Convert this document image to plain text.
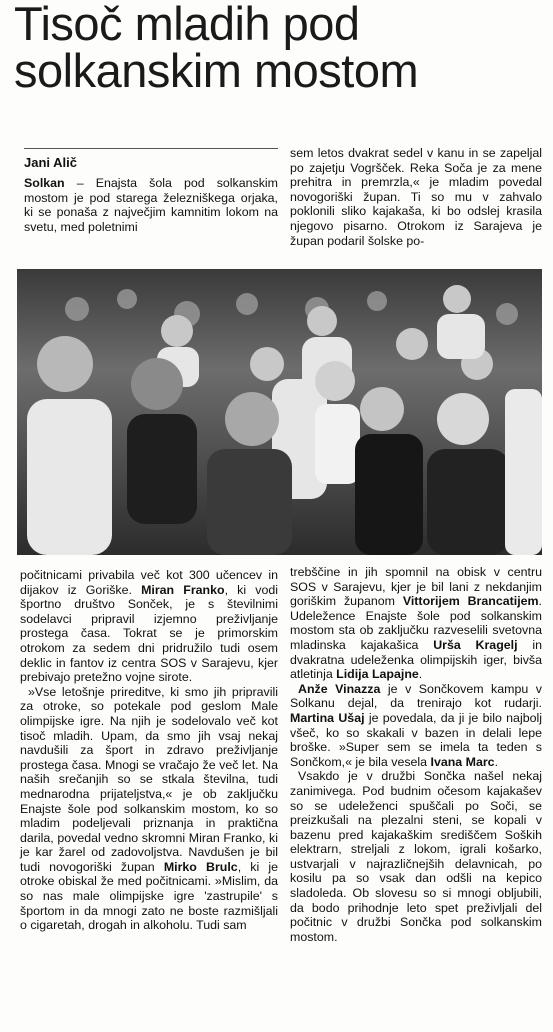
Tisoč mladih pod
solkanskim mostom
Jani Alič

Solkan – Enajsta šola pod solkanskim mostom je pod starega železniškega orjaka, ki se ponaša z največjim kamnitim lokom na svetu, med poletnimi

sem letos dvakrat sedel v kanu in se zapeljal po zajetju Vogršček. Reka Soča je za mene prehitra in premrzla,« je mladim povedal novogoriški župan. Ti so mu v zahvalo poklonili sliko kajakaša, ki bo odslej krasila njegovo pisarno. Otrokom iz Sarajeva je župan podaril šolske po-

počitnicami privabila več kot 300 učencev in dijakov iz Goriške. Miran Franko, ki vodi športno društvo Sonček, je s številnimi sodelavci pripravil izjemno preživljanje prostega časa. Tokrat se je primorskim otrokom za sedem dni pridružilo tudi osem deklic in fantov iz centra SOS v Sarajevu, kjer prebivajo pretežno vojne sirote.

»Vse letošnje prireditve, ki smo jih pripravili za otroke, so potekale pod geslom Male olimpijske igre. Na njih je sodelovalo več kot tisoč mladih. Upam, da smo jih vsaj nekaj navdušili za šport in zdravo preživljanje prostega časa. Mnogi se vračajo že več let. Na naših srečanjih so se stkala številna, tudi mednarodna prijateljstva,« je ob zaključku Enajste šole pod solkanskim mostom, ko so mladim podeljevali priznanja in praktična darila, povedal vedno skromni Miran Franko, ki je kar žarel od zadovoljstva. Navdušen je bil tudi novogoriški župan Mirko Brulc, ki je otroke obiskal že med počitnicami. »Mislim, da so nas male olimpijske igre 'zastrupile' s športom in da mnogi zato ne boste razmišljali o cigaretah, drogah in alkoholu. Tudi sam

trebščine in jih spomnil na obisk v centru SOS v Sarajevu, kjer je bil lani z nekdanjim goriškim županom Vittorijem Brancatijem. Udeležence Enajste šole pod solkanskim mostom sta ob zaključku razveselili svetovna mladinska kajakašica Urša Kragelj in dvakratna udeleženka olimpijskih iger, bivša atletinja Lidija Lapajne.

Anže Vinazza je v Sončkovem kampu v Solkanu dejal, da trenirajo kot rudarji. Martina Ušaj je povedala, da ji je bilo najbolj všeč, ko so skakali v bazen in delali lepe broške. »Super sem se imela ta teden s Sončkom,« je bila vesela Ivana Marc.

Vsakdo je v družbi Sončka našel nekaj zanimivega. Pod budnim očesom kajakašev so se udeleženci spuščali po Soči, se preizkušali na plezalni steni, se kopali v bazenu pred kajakaškim središčem Soških elektrarn, streljali z lokom, igrali košarko, ustvarjali v najrazličnejših delavnicah, po kosilu pa so vsak dan odšli na kepico sladoleda. Ob slovesu so si mnogi obljubili, da bodo prihodnje leto spet preživljali del počitnic v družbi Sončka pod solkanskim mostom.
